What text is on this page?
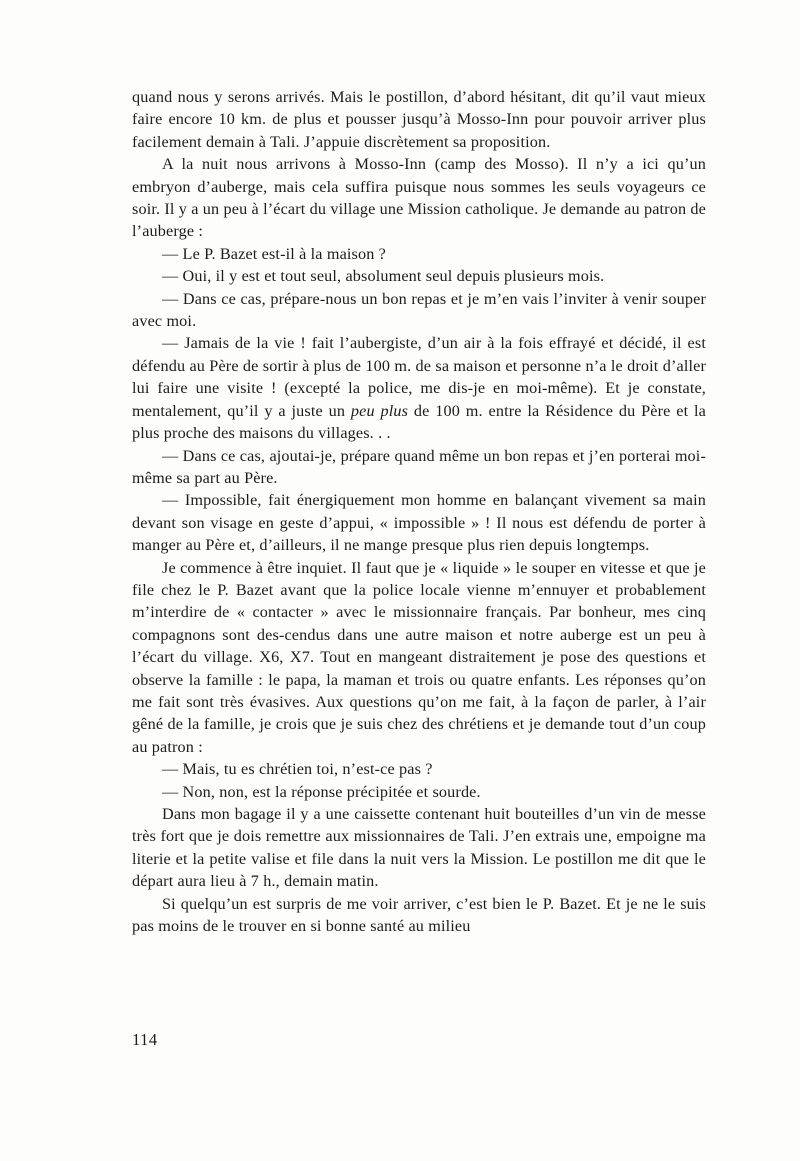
quand nous y serons arrivés. Mais le postillon, d’abord hésitant, dit qu’il vaut mieux faire encore 10 km. de plus et pousser jusqu’à Mosso-Inn pour pouvoir arriver plus facilement demain à Tali. J’appuie discrètement sa proposition.

A la nuit nous arrivons à Mosso-Inn (camp des Mosso). Il n’y a ici qu’un embryon d’auberge, mais cela suffira puisque nous sommes les seuls voyageurs ce soir. Il y a un peu à l’écart du village une Mission catholique. Je demande au patron de l’auberge :

— Le P. Bazet est-il à la maison ?

— Oui, il y est et tout seul, absolument seul depuis plusieurs mois.

— Dans ce cas, prépare-nous un bon repas et je m’en vais l’inviter à venir souper avec moi.

— Jamais de la vie ! fait l’aubergiste, d’un air à la fois effrayé et décidé, il est défendu au Père de sortir à plus de 100 m. de sa maison et personne n’a le droit d’aller lui faire une visite ! (excepté la police, me dis-je en moi-même). Et je constate, mentalement, qu’il y a juste un peu plus de 100 m. entre la Résidence du Père et la plus proche des maisons du villages. . .

— Dans ce cas, ajoutai-je, prépare quand même un bon repas et j’en porterai moi-même sa part au Père.

— Impossible, fait énergiquement mon homme en balançant vivement sa main devant son visage en geste d’appui, « impossible » ! Il nous est défendu de porter à manger au Père et, d’ailleurs, il ne mange presque plus rien depuis longtemps.

Je commence à être inquiet. Il faut que je « liquide » le souper en vitesse et que je file chez le P. Bazet avant que la police locale vienne m’ennuyer et probablement m’interdire de « contacter » avec le missionnaire français. Par bonheur, mes cinq compagnons sont des-cendus dans une autre maison et notre auberge est un peu à l’écart du village. X6, X7. Tout en mangeant distraitement je pose des questions et observe la famille : le papa, la maman et trois ou quatre enfants. Les réponses qu’on me fait sont très évasives. Aux questions qu’on me fait, à la façon de parler, à l’air gêné de la famille, je crois que je suis chez des chrétiens et je demande tout d’un coup au patron :

— Mais, tu es chrétien toi, n’est-ce pas ?

— Non, non, est la réponse précipitée et sourde.

Dans mon bagage il y a une caissette contenant huit bouteilles d’un vin de messe très fort que je dois remettre aux missionnaires de Tali. J’en extrais une, empoigne ma literie et la petite valise et file dans la nuit vers la Mission. Le postillon me dit que le départ aura lieu à 7 h., demain matin.

Si quelqu’un est surpris de me voir arriver, c’est bien le P. Bazet. Et je ne le suis pas moins de le trouver en si bonne santé au milieu

114
